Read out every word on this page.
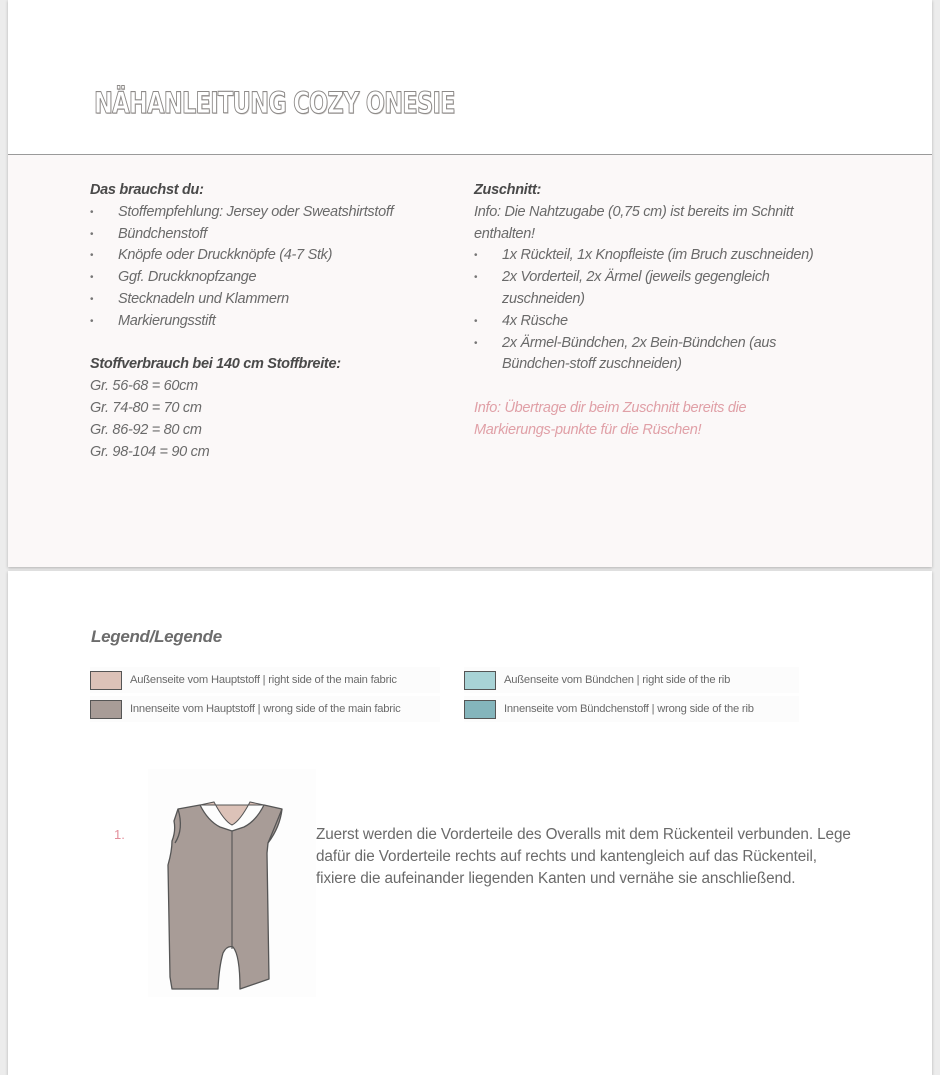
NÄHANLEITUNG COZY ONESIE
Das brauchst du:
• Stoffempfehlung: Jersey oder Sweatshirtstoff
• Bündchenstoff
• Knöpfe oder Druckknöpfe (4-7 Stk)
• Ggf. Druckknopfzange
• Stecknadeln und Klammern
• Markierungsstift
Stoffverbrauch bei 140 cm Stoffbreite:
Gr. 56-68 = 60cm
Gr. 74-80 = 70 cm
Gr. 86-92 = 80 cm
Gr. 98-104 = 90 cm
Zuschnitt:
Info: Die Nahtzugabe (0,75 cm) ist bereits im Schnitt enthalten!
• 1x Rückteil, 1x Knopfleiste (im Bruch zuschneiden)
• 2x Vorderteil, 2x Ärmel (jeweils gegengleich zuschneiden)
• 4x Rüsche
• 2x Ärmel-Bündchen, 2x Bein-Bündchen (aus Bündchen-stoff zuschneiden)
Info: Übertrage dir beim Zuschnitt bereits die Markierungs-punkte für die Rüschen!
Legend/Legende
Außenseite vom Hauptstoff | right side of the main fabric
Innenseite vom Hauptstoff | wrong side of the main fabric
Außenseite vom Bündchen | right side of the rib
Innenseite vom Bündchenstoff | wrong side of the rib
1.	Zuerst werden die Vorderteile des Overalls mit dem Rückenteil verbunden. Lege dafür die Vorderteile rechts auf rechts und kantengleich auf das Rückenteil, fixiere die aufeinander liegenden Kanten und vernähe sie anschließend.
